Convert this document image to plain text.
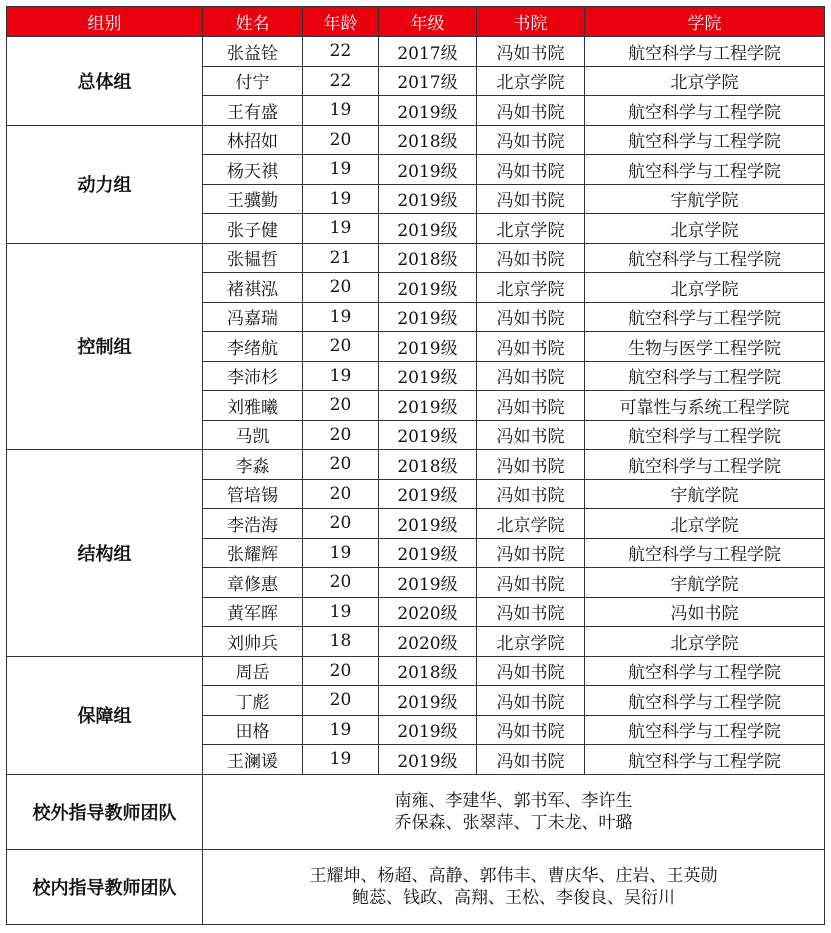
组别	姓名	年龄	年级	书院	学院
总体组	张益铨	22	2017级	冯如书院	航空科学与工程学院
	付宁	22	2017级	北京学院	北京学院
	王有盛	19	2019级	冯如书院	航空科学与工程学院
动力组	林招如	20	2018级	冯如书院	航空科学与工程学院
	杨天祺	19	2019级	冯如书院	航空科学与工程学院
	王骥勤	19	2019级	冯如书院	宇航学院
	张子健	19	2019级	北京学院	北京学院
控制组	张韫哲	21	2018级	冯如书院	航空科学与工程学院
	褚祺泓	20	2019级	北京学院	北京学院
	冯嘉瑞	19	2019级	冯如书院	航空科学与工程学院
	李绪航	20	2019级	冯如书院	生物与医学工程学院
	李沛杉	19	2019级	冯如书院	航空科学与工程学院
	刘雅曦	20	2019级	冯如书院	可靠性与系统工程学院
	马凯	20	2019级	冯如书院	航空科学与工程学院
结构组	李淼	20	2018级	冯如书院	航空科学与工程学院
	管培锡	20	2019级	冯如书院	宇航学院
	李浩海	20	2019级	北京学院	北京学院
	张耀辉	19	2019级	冯如书院	航空科学与工程学院
	章修惠	20	2019级	冯如书院	宇航学院
	黄军晖	19	2020级	冯如书院	冯如书院
	刘帅兵	18	2020级	北京学院	北京学院
保障组	周岳	20	2018级	冯如书院	航空科学与工程学院
	丁彪	20	2019级	冯如书院	航空科学与工程学院
	田格	19	2019级	冯如书院	航空科学与工程学院
	王澜谖	19	2019级	冯如书院	航空科学与工程学院
校外指导教师团队	南雍、李建华、郭书军、李许生
乔保森、张翠萍、丁未龙、叶璐				

校内指导教师团队	王耀坤、杨超、高静、郭伟丰、曹庆华、庄岩、王英勋
鲍蕊、钱政、高翔、王松、李俊良、吴衍川				
